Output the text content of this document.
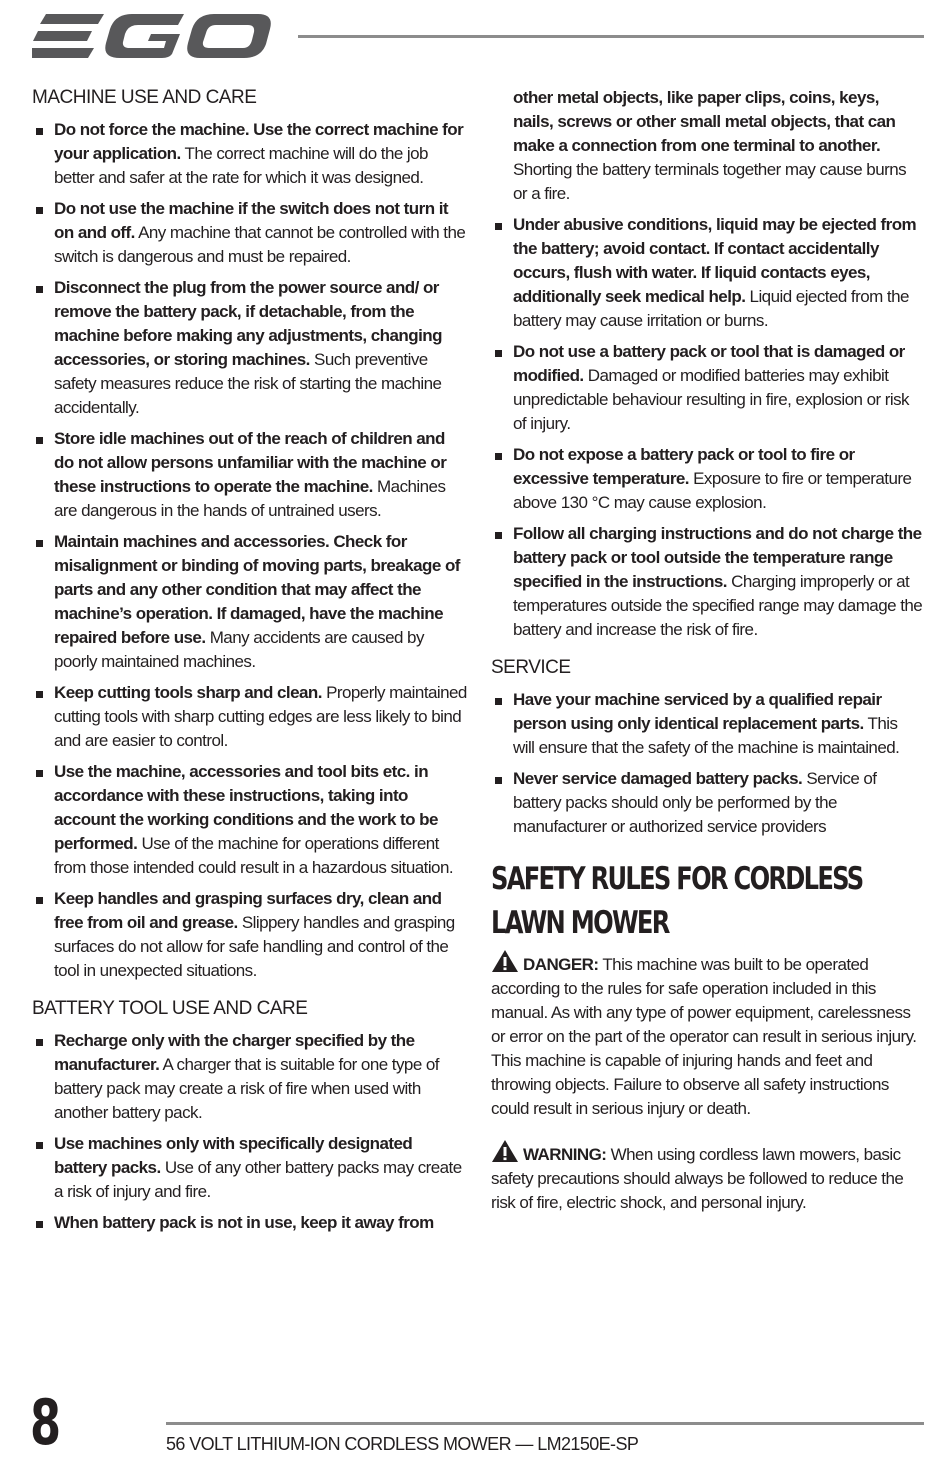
MACHINE USE AND CARE
Do not force the machine. Use the correct machine for your application. The correct machine will do the job better and safer at the rate for which it was designed.
Do not use the machine if the switch does not turn it on and off. Any machine that cannot be controlled with the switch is dangerous and must be repaired.
Disconnect the plug from the power source and/ or remove the battery pack, if detachable, from the machine before making any adjustments, changing accessories, or storing machines. Such preventive safety measures reduce the risk of starting the machine accidentally.
Store idle machines out of the reach of children and do not allow persons unfamiliar with the machine or these instructions to operate the machine. Machines are dangerous in the hands of untrained users.
Maintain machines and accessories. Check for misalignment or binding of moving parts, breakage of parts and any other condition that may affect the machine’s operation. If damaged, have the machine repaired before use. Many accidents are caused by poorly maintained machines.
Keep cutting tools sharp and clean. Properly maintained cutting tools with sharp cutting edges are less likely to bind and are easier to control.
Use the machine, accessories and tool bits etc. in accordance with these instructions, taking into account the working conditions and the work to be performed. Use of the machine for operations different from those intended could result in a hazardous situation.
Keep handles and grasping surfaces dry, clean and free from oil and grease. Slippery handles and grasping surfaces do not allow for safe handling and control of the tool in unexpected situations.
BATTERY TOOL USE AND CARE
Recharge only with the charger specified by the manufacturer. A charger that is suitable for one type of battery pack may create a risk of fire when used with another battery pack.
Use machines only with specifically designated battery packs. Use of any other battery packs may create a risk of injury and fire.
When battery pack is not in use, keep it away from

other metal objects, like paper clips, coins, keys, nails, screws or other small metal objects, that can make a connection from one terminal to another. Shorting the battery terminals together may cause burns or a fire.

Under abusive conditions, liquid may be ejected from the battery; avoid contact. If contact accidentally occurs, flush with water. If liquid contacts eyes, additionally seek medical help. Liquid ejected from the battery may cause irritation or burns.
Do not use a battery pack or tool that is damaged or modified. Damaged or modified batteries may exhibit unpredictable behaviour resulting in fire, explosion or risk of injury.
Do not expose a battery pack or tool to fire or excessive temperature. Exposure to fire or temperature above 130 °C may cause explosion.
Follow all charging instructions and do not charge the battery pack or tool outside the temperature range specified in the instructions. Charging improperly or at temperatures outside the specified range may damage the battery and increase the risk of fire.
SERVICE
Have your machine serviced by a qualified repair person using only identical replacement parts. This will ensure that the safety of the machine is maintained.
Never service damaged battery packs. Service of battery packs should only be performed by the manufacturer or authorized service providers
SAFETY RULES FOR CORDLESS LAWN MOWER

DANGER: This machine was built to be operated according to the rules for safe operation included in this manual. As with any type of power equipment, carelessness or error on the part of the operator can result in serious injury. This machine is capable of injuring hands and feet and throwing objects. Failure to observe all safety instructions could result in serious injury or death.

WARNING: When using cordless lawn mowers, basic safety precautions should always be followed to reduce the risk of fire, electric shock, and personal injury.

8	56 VOLT LITHIUM-ION CORDLESS MOWER — LM2150E-SP
